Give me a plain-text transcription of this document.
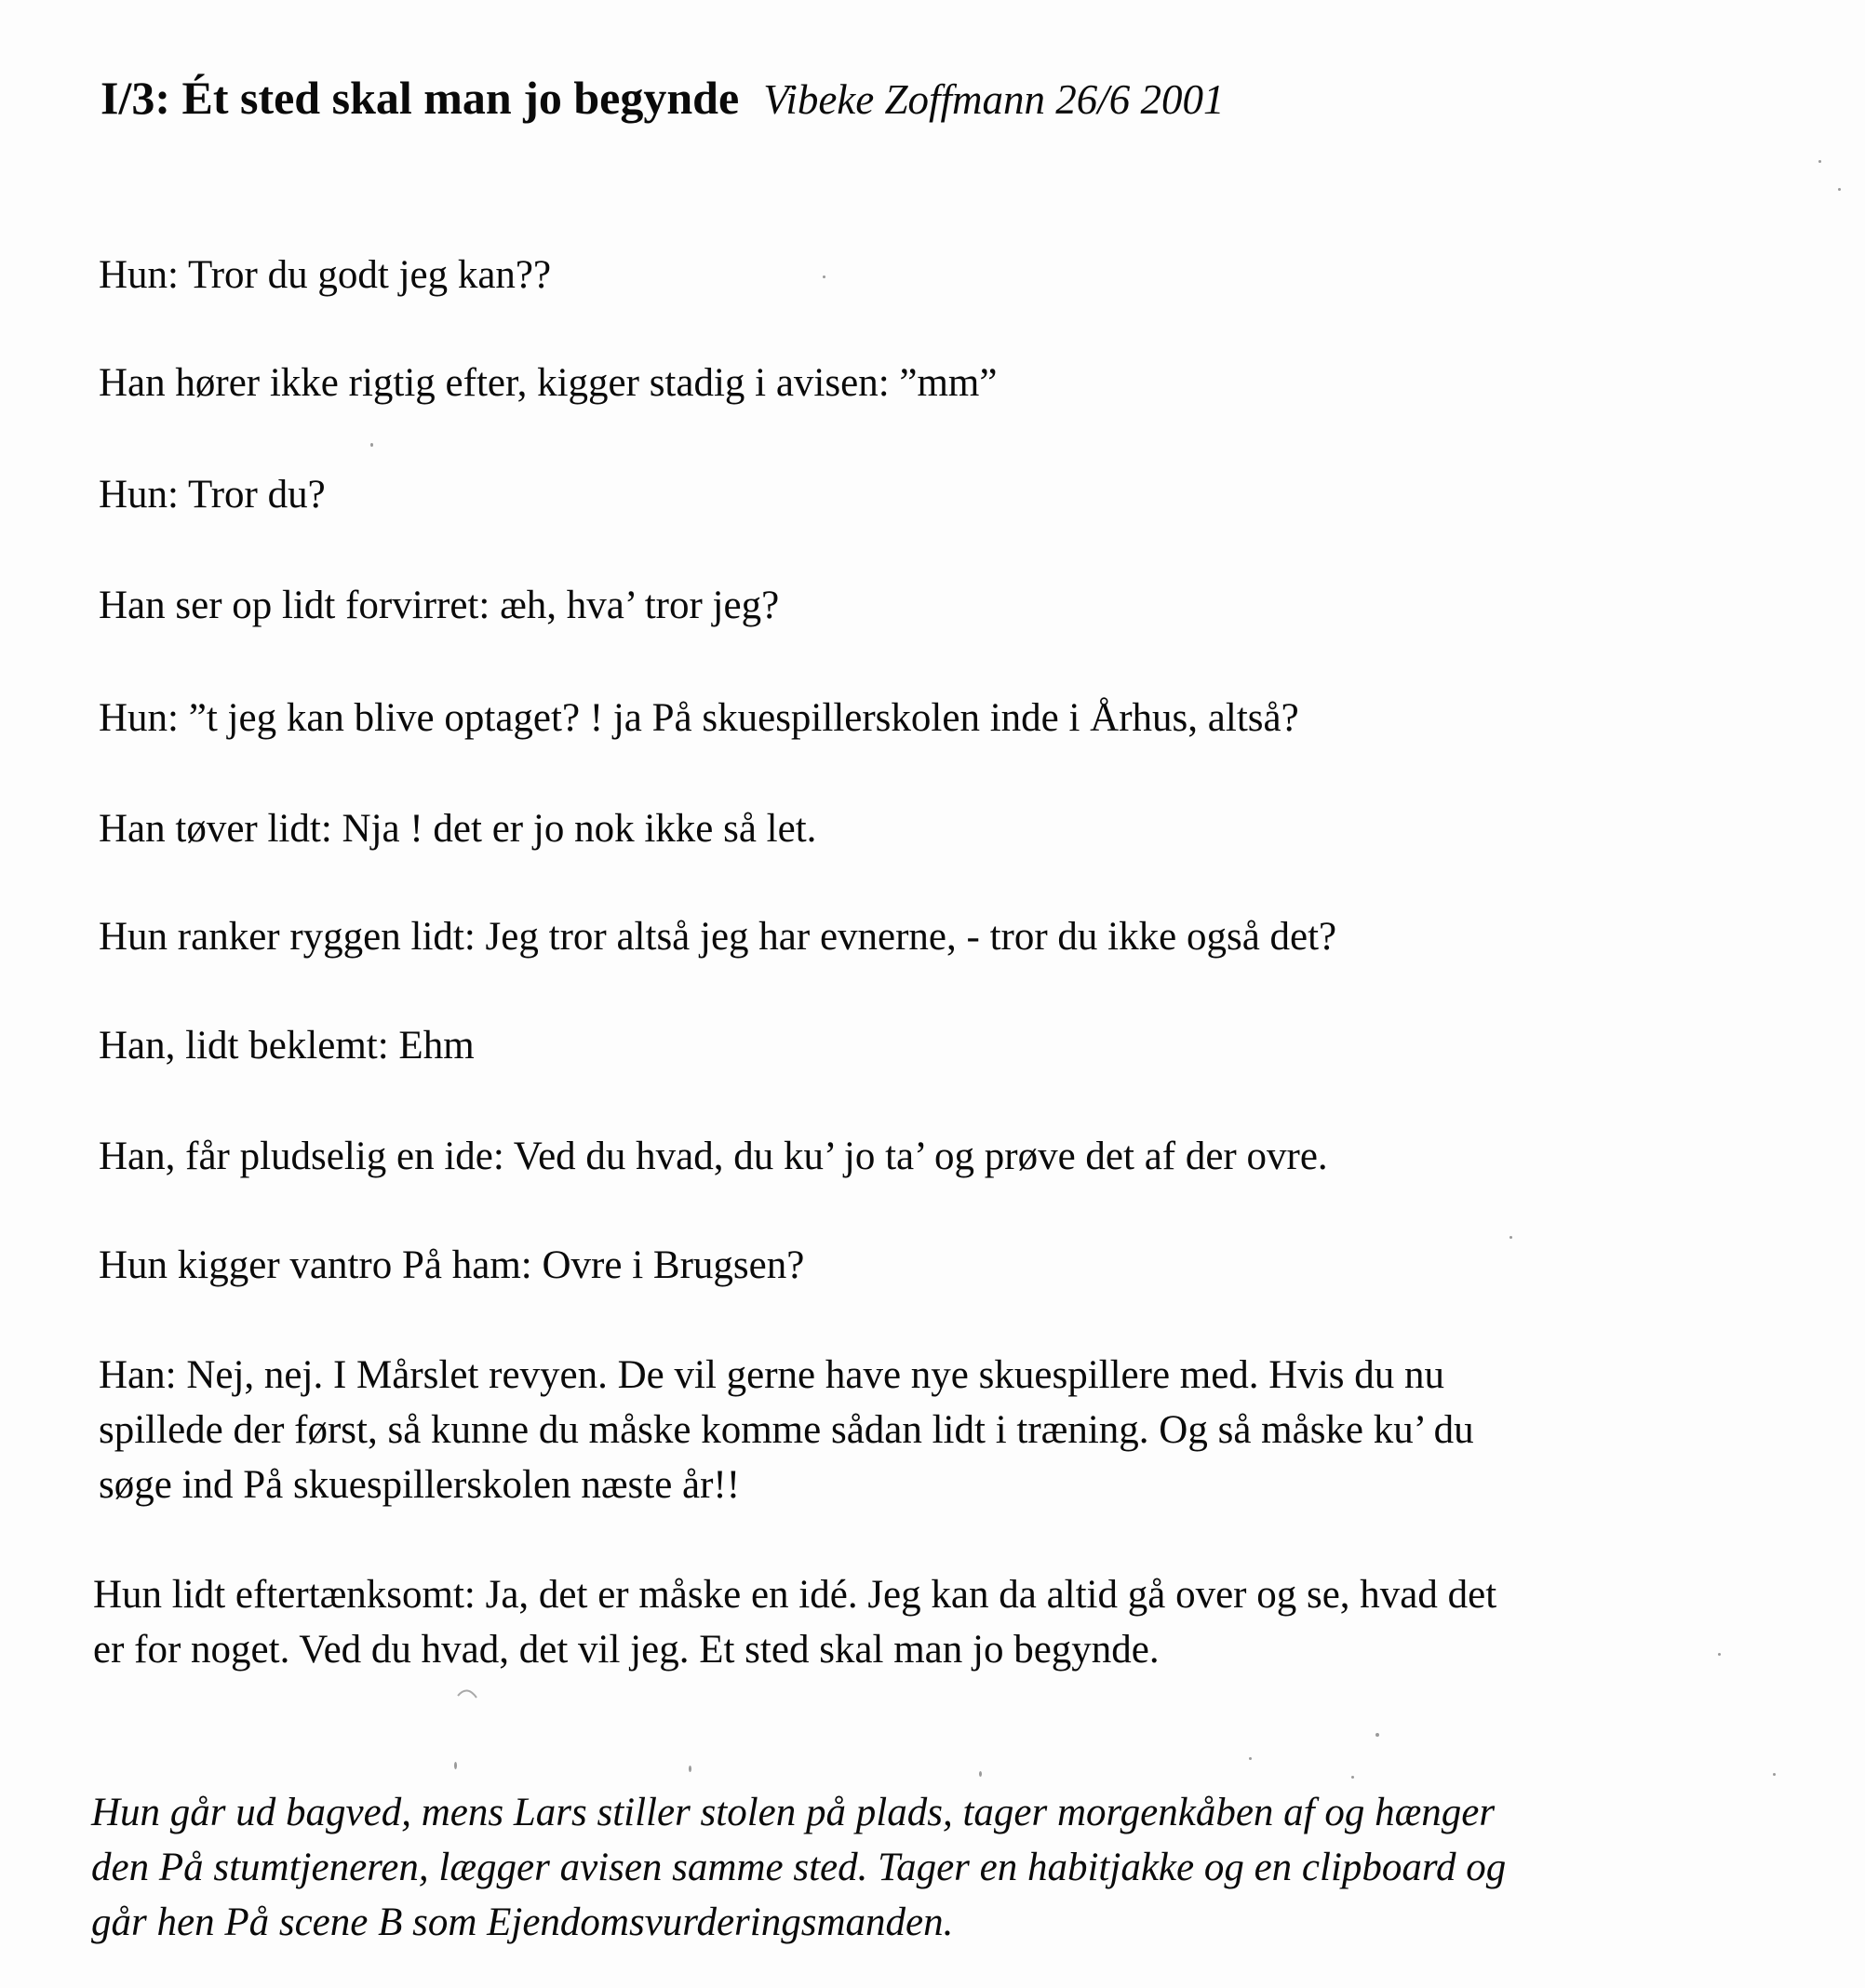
I/3: Ét sted skal man jo begynde Vibeke Zoffmann 26/6 2001
Hun: Tror du godt jeg kan??
Han hører ikke rigtig efter, kigger stadig i avisen: ”mm”
Hun: Tror du?
Han ser op lidt forvirret: æh, hva’ tror jeg?
Hun: ”t jeg kan blive optaget? ! ja På skuespillerskolen inde i Århus, altså?
Han tøver lidt: Nja ! det er jo nok ikke så let.
Hun ranker ryggen lidt: Jeg tror altså jeg har evnerne, - tror du ikke også det?
Han, lidt beklemt: Ehm
Han, får pludselig en ide: Ved du hvad, du ku’ jo ta’ og prøve det af der ovre.
Hun kigger vantro På ham: Ovre i Brugsen?
Han: Nej, nej. I Mårslet revyen. De vil gerne have nye skuespillere med. Hvis du nu
spillede der først, så kunne du måske komme sådan lidt i træning. Og så måske ku’ du
søge ind På skuespillerskolen næste år!!
Hun lidt eftertænksomt: Ja, det er måske en idé. Jeg kan da altid gå over og se, hvad det
er for noget. Ved du hvad, det vil jeg. Et sted skal man jo begynde.
Hun går ud bagved, mens Lars stiller stolen på plads, tager morgenkåben af og hænger
den På stumtjeneren, lægger avisen samme sted. Tager en habitjakke og en clipboard og
går hen På scene B som Ejendomsvurderingsmanden.
